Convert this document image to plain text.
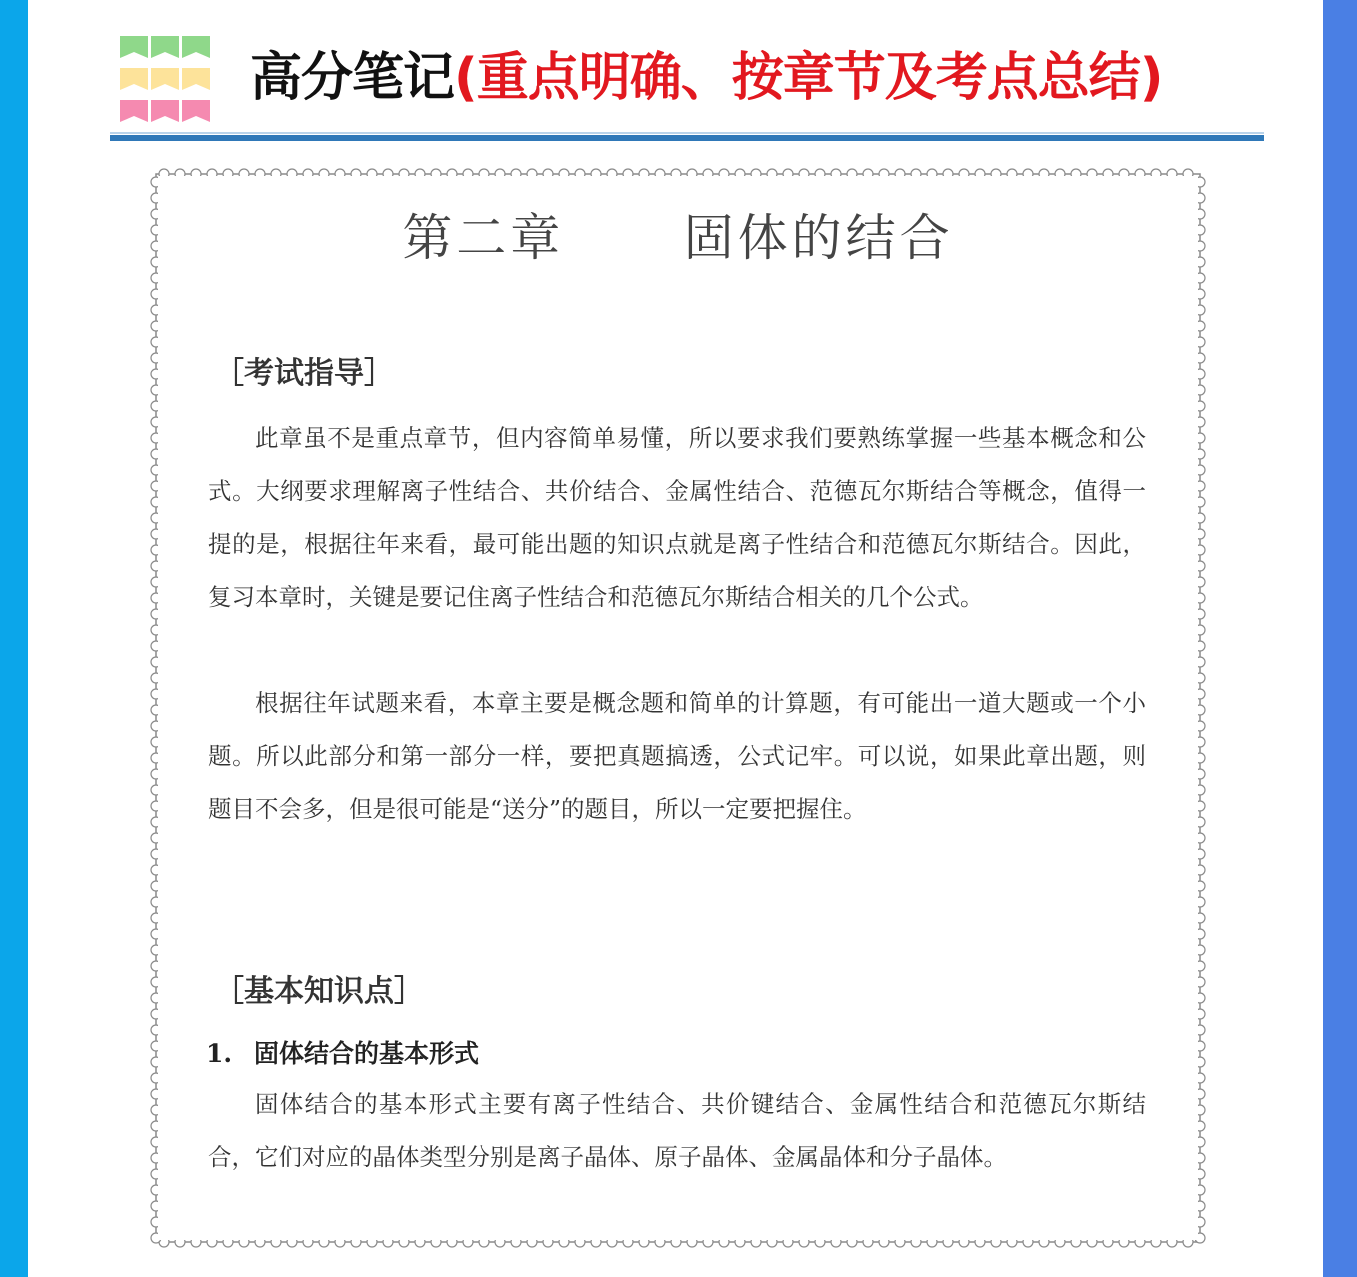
高分笔记(重点明确、按章节及考点总结)
第二章 固体的结合
［考试指导］

此章虽不是重点章节，但内容简单易懂，所以要求我们要熟练掌握一些基本概念和公式。大纲要求理解离子性结合、共价结合、金属性结合、范德瓦尔斯结合等概念，值得一提的是，根据往年来看，最可能出题的知识点就是离子性结合和范德瓦尔斯结合。因此，复习本章时，关键是要记住离子性结合和范德瓦尔斯结合相关的几个公式。

根据往年试题来看，本章主要是概念题和简单的计算题，有可能出一道大题或一个小题。所以此部分和第一部分一样，要把真题搞透，公式记牢。可以说，如果此章出题，则题目不会多，但是很可能是“送分”的题目，所以一定要把握住。

［基本知识点］
1. 固体结合的基本形式

固体结合的基本形式主要有离子性结合、共价键结合、金属性结合和范德瓦尔斯结合，它们对应的晶体类型分别是离子晶体、原子晶体、金属晶体和分子晶体。
